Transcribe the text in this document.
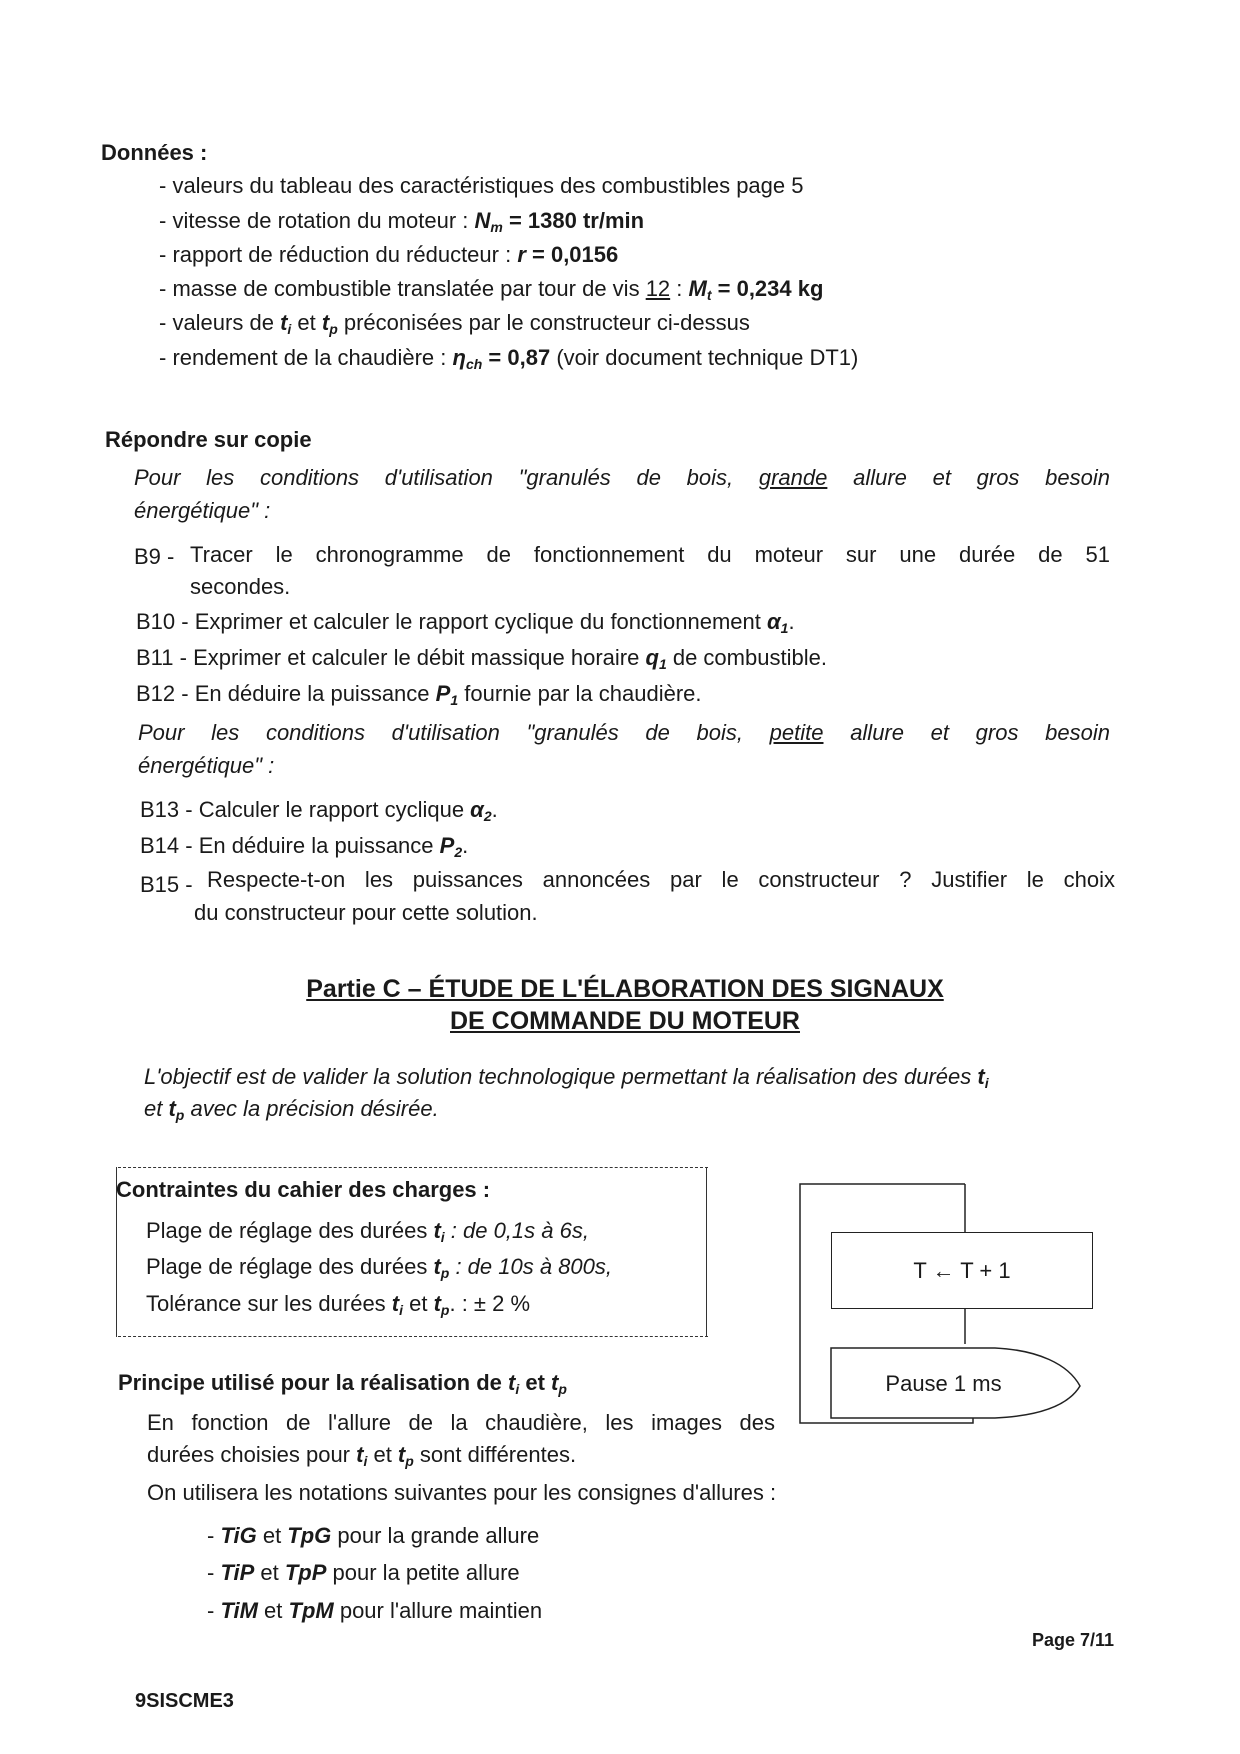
Données :
- valeurs du tableau des caractéristiques des combustibles page 5
- vitesse de rotation du moteur : $N_m = 1380$ tr/min
- rapport de réduction du réducteur : r = 0,0156
- masse de combustible translatée par tour de vis 12 : $M_t = 0,234$ kg
- valeurs de $t_i$ et $t_p$ préconisées par le constructeur ci-dessus
- rendement de la chaudière : $\eta_{ch} = 0,87$ (voir document technique DT1)
Répondre sur copie
Pour les conditions d'utilisation "granulés de bois, grande allure et gros besoin
énergétique" :
B9 - Tracer le chronogramme de fonctionnement du moteur sur une durée de 51
secondes.
B10 - Exprimer et calculer le rapport cyclique du fonctionnement $\alpha_1$.
B11 - Exprimer et calculer le débit massique horaire $q_1$ de combustible.
B12 - En déduire la puissance $P_1$ fournie par la chaudière.
Pour les conditions d'utilisation "granulés de bois, petite allure et gros besoin
énergétique" :
B13 - Calculer le rapport cyclique $\alpha_2$.
B14 - En déduire la puissance $P_2$.
B15 - Respecte-t-on les puissances annoncées par le constructeur ? Justifier le choix
du constructeur pour cette solution.
Partie C – ÉTUDE DE L'ÉLABORATION DES SIGNAUX
DE COMMANDE DU MOTEUR
L'objectif est de valider la solution technologique permettant la réalisation des durées $t_i$
et $t_p$ avec la précision désirée.
Contraintes du cahier des charges :
Plage de réglage des durées $t_i$ : de 0,1s à 6s,
Plage de réglage des durées $t_p$ : de 10s à 800s,
Tolérance sur les durées $t_i$ et $t_p$. : ± 2 %
T ← T + 1
Pause 1 ms
Principe utilisé pour la réalisation de $t_i$ et $t_p$
En fonction de l'allure de la chaudière, les images des
durées choisies pour $t_i$ et $t_p$ sont différentes.
On utilisera les notations suivantes pour les consignes d'allures :
- TiG et TpG pour la grande allure
- TiP et TpP pour la petite allure
- TiM et TpM pour l'allure maintien
Page 7/11
9SISCME3
